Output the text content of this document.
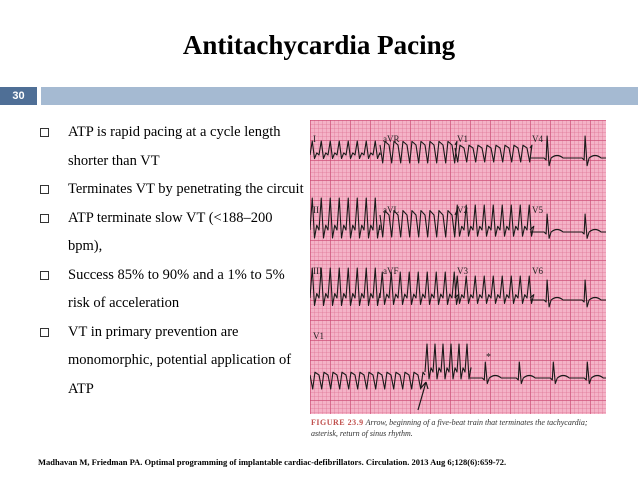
Antitachycardia Pacing
30
ATP is rapid pacing at a cycle length shorter than VT
Terminates VT by penetrating the circuit
ATP terminate slow VT (<188–200 bpm),
Success 85% to 90% and a 1% to 5% risk of acceleration
VT in primary prevention are monomorphic, potential application of ATP
I	aVR	V1	V4
II	aVL	V2	V5
III	aVF	V3	V6
V1
*
FIGURE 23.9 Arrow, beginning of a five-beat train that terminates the tachycardia; asterisk, return of sinus rhythm.
Madhavan M, Friedman PA. Optimal programming of implantable cardiac-defibrillators. Circulation. 2013 Aug 6;128(6):659-72.
